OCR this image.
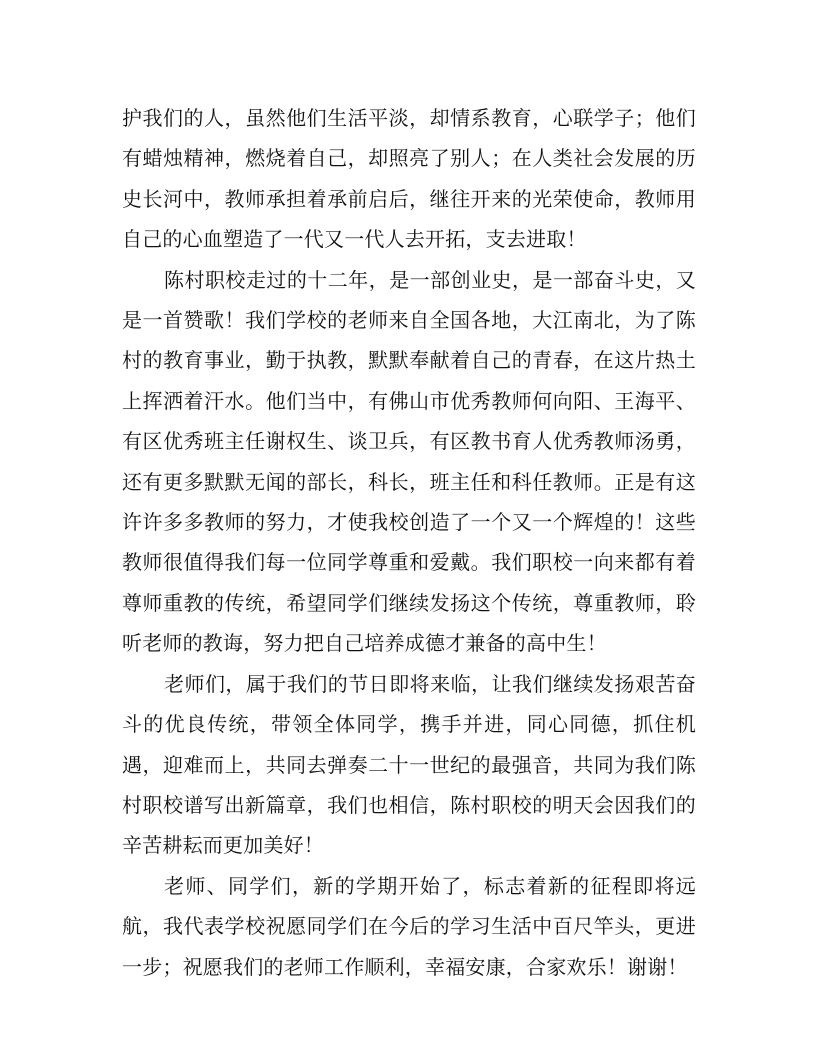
护我们的人，虽然他们生活平淡，却情系教育，心联学子；他们有蜡烛精神，燃烧着自己，却照亮了别人；在人类社会发展的历史长河中，教师承担着承前启后，继往开来的光荣使命，教师用自己的心血塑造了一代又一代人去开拓，支去进取！

陈村职校走过的十二年，是一部创业史，是一部奋斗史，又是一首赞歌！我们学校的老师来自全国各地，大江南北，为了陈村的教育事业，勤于执教，默默奉献着自己的青春，在这片热土上挥洒着汗水。他们当中，有佛山市优秀教师何向阳、王海平、有区优秀班主任谢权生、谈卫兵，有区教书育人优秀教师汤勇，还有更多默默无闻的部长，科长，班主任和科任教师。正是有这许许多多教师的努力，才使我校创造了一个又一个辉煌的！这些教师很值得我们每一位同学尊重和爱戴。我们职校一向来都有着尊师重教的传统，希望同学们继续发扬这个传统，尊重教师，聆听老师的教诲，努力把自己培养成德才兼备的高中生！

老师们，属于我们的节日即将来临，让我们继续发扬艰苦奋斗的优良传统，带领全体同学，携手并进，同心同德，抓住机遇，迎难而上，共同去弹奏二十一世纪的最强音，共同为我们陈村职校谱写出新篇章，我们也相信，陈村职校的明天会因我们的辛苦耕耘而更加美好！

老师、同学们，新的学期开始了，标志着新的征程即将远航，我代表学校祝愿同学们在今后的学习生活中百尺竿头，更进一步；祝愿我们的老师工作顺利，幸福安康，合家欢乐！谢谢！
